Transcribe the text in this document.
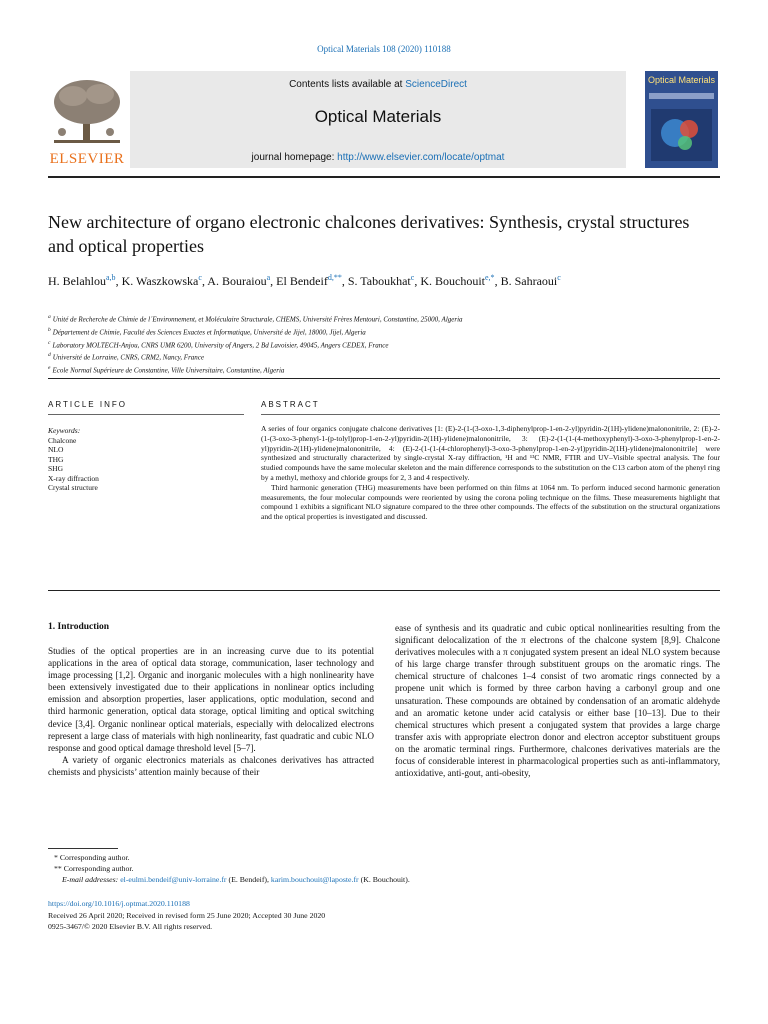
Optical Materials 108 (2020) 110188
ELSEVIER
Contents lists available at ScienceDirect
Optical Materials
journal homepage: http://www.elsevier.com/locate/optmat
Optical Materials
New architecture of organo electronic chalcones derivatives: Synthesis, crystal structures and optical properties
H. Belahlou$^{a,b}$, K. Waszkowska$^c$, A. Bouraiou$^a$, El Bendeif$^{d,**}$, S. Taboukhat$^c$, K. Bouchouit$^{e,*}$, B. Sahraoui$^c$
$^a$ Unité de Recherche de Chimie de l´Environnement, et Moléculaire Structurale, CHEMS, Université Frères Mentouri, Constantine, 25000, Algeria
$^b$ Département de Chimie, Faculté des Sciences Exactes et Informatique, Université de Jijel, 18000, Jijel, Algeria
$^c$ Laboratory MOLTECH-Anjou, CNRS UMR 6200, University of Angers, 2 Bd Lavoisier, 49045, Angers CEDEX, France
$^d$ Université de Lorraine, CNRS, CRM2, Nancy, France
$^e$ Ecole Normal Supérieure de Constantine, Ville Universitaire, Constantine, Algeria
ARTICLE INFO	ABSTRACT
Keywords:
Chalcone
NLO
THG
SHG
X-ray diffraction
Crystal structure

A series of four organics conjugate chalcone derivatives [1: (E)-2-(1-(3-oxo-1,3-diphenylprop-1-en-2-yl)pyridin-2(1H)-ylidene)malononitrile, 2: (E)-2-(1-(3-oxo-3-phenyl-1-(p-tolyl)prop-1-en-2-yl)pyridin-2(1H)-ylidene)malononitrile, 3: (E)-2-(1-(1-(4-methoxyphenyl)-3-oxo-3-phenylprop-1-en-2-yl)pyridin-2(1H)-ylidene)malononitrile, 4: (E)-2-(1-(1-(4-chlorophenyl)-3-oxo-3-phenylprop-1-en-2-yl)pyridin-2(1H)-ylidene)malononitrile] were synthesized and structurally characterized by single-crystal X-ray diffraction, ¹H and ¹³C NMR, FTIR and UV–Visible spectral analysis. The four studied compounds have the same molecular skeleton and the main difference corresponds to the substitution on the C13 carbon atom of the phenyl ring by a methyl, methoxy and chloride groups for 2, 3 and 4 respectively.

Third harmonic generation (THG) measurements have been performed on thin films at 1064 nm. To perform induced second harmonic generation measurements, the four molecular compounds were reoriented by using the corona poling technique on the films. These measurements highlight that compound 1 exhibits a significant NLO signature compared to the three other compounds. The effects of the substitution on the structural organizations and the optical properties is investigated and discussed.

1. Introduction

Studies of the optical properties are in an increasing curve due to its potential applications in the area of optical data storage, communication, laser technology and image processing [1,2]. Organic and inorganic molecules with a high nonlinearity have been extensively investigated due to their applications in nonlinear optics including emission and absorption properties, laser applications, optic modulation, second and third harmonic generation, optical data storage, optical limiting and optical switching device [3,4]. Organic nonlinear optical materials, especially with delocalized electrons represent a large class of materials with high nonlinearity, fast quadratic and cubic NLO response and good optical damage threshold level [5–7].

A variety of organic electronics materials as chalcones derivatives has attracted chemists and physicists’ attention mainly because of their

ease of synthesis and its quadratic and cubic optical nonlinearities resulting from the significant delocalization of the π electrons of the chalcone system [8,9]. Chalcone derivatives molecules with a π conjugated system present an ideal NLO system because of his large charge transfer through substituent groups on the aromatic rings. The chemical structure of chalcones 1–4 consist of two aromatic rings connected by a propene unit which is formed by three carbon having a carbonyl group and one unsaturation. These compounds are obtained by condensation of an aromatic aldehyde and an aromatic ketone under acid catalysis or either base [10–13]. Due to their chemical structures which present a conjugated system that provides a large charge transfer axis with appropriate electron donor and electron acceptor substituent groups on the aromatic terminal rings. Furthermore, chalcones derivatives materials are the focus of considerable interest in pharmacological properties such as anti-inflammatory, antioxidative, anti-gout, anti-obesity,

* Corresponding author.
** Corresponding author.
E-mail addresses: el-eulmi.bendeif@univ-lorraine.fr (E. Bendeif), karim.bouchouit@laposte.fr (K. Bouchouit).
https://doi.org/10.1016/j.optmat.2020.110188
Received 26 April 2020; Received in revised form 25 June 2020; Accepted 30 June 2020
0925-3467/© 2020 Elsevier B.V. All rights reserved.
